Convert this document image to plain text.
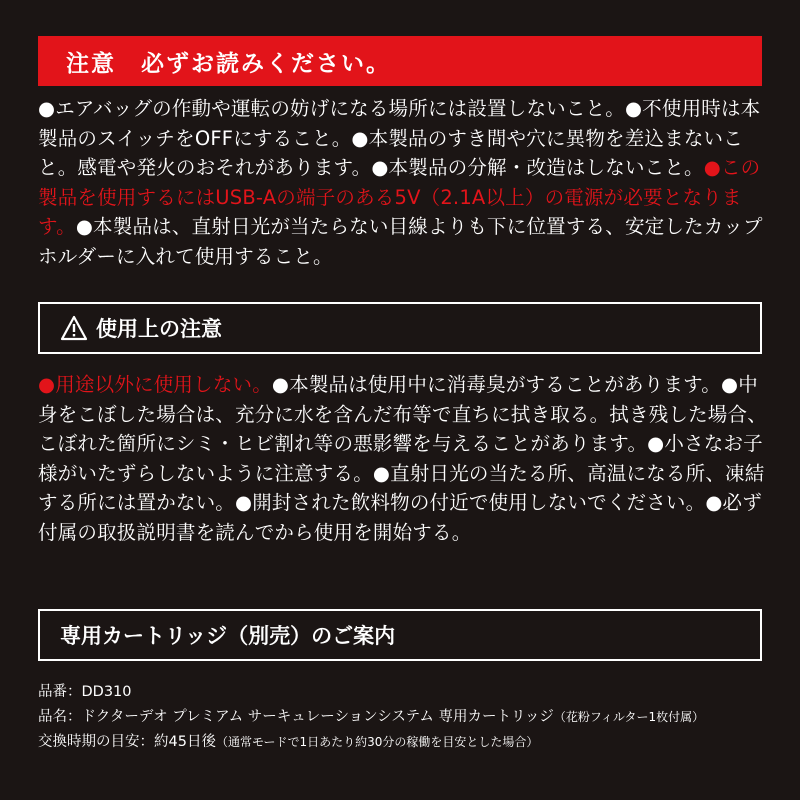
注意　必ずお読みください。

●エアバッグの作動や運転の妨げになる場所には設置しないこと。●不使用時は本製品のスイッチをOFFにすること。●本製品のすき間や穴に異物を差込まないこと。感電や発火のおそれがあります。●本製品の分解・改造はしないこと。●この製品を使用するにはUSB-Aの端子のある5V（2.1A以上）の電源が必要となります。●本製品は、直射日光が当たらない目線よりも下に位置する、安定したカップホルダーに入れて使用すること。

使用上の注意

●用途以外に使用しない。●本製品は使用中に消毒臭がすることがあります。●中身をこぼした場合は、充分に水を含んだ布等で直ちに拭き取る。拭き残した場合、こぼれた箇所にシミ・ヒビ割れ等の悪影響を与えることがあります。●小さなお子様がいたずらしないように注意する。●直射日光の当たる所、高温になる所、凍結する所には置かない。●開封された飲料物の付近で使用しないでください。●必ず付属の取扱説明書を読んでから使用を開始する。

専用カートリッジ（別売）のご案内
品番：DD310
品名：ドクターデオ プレミアム サーキュレーションシステム 専用カートリッジ（花粉フィルター1枚付属）
交換時期の目安：約45日後（通常モードで1日あたり約30分の稼働を目安とした場合）
